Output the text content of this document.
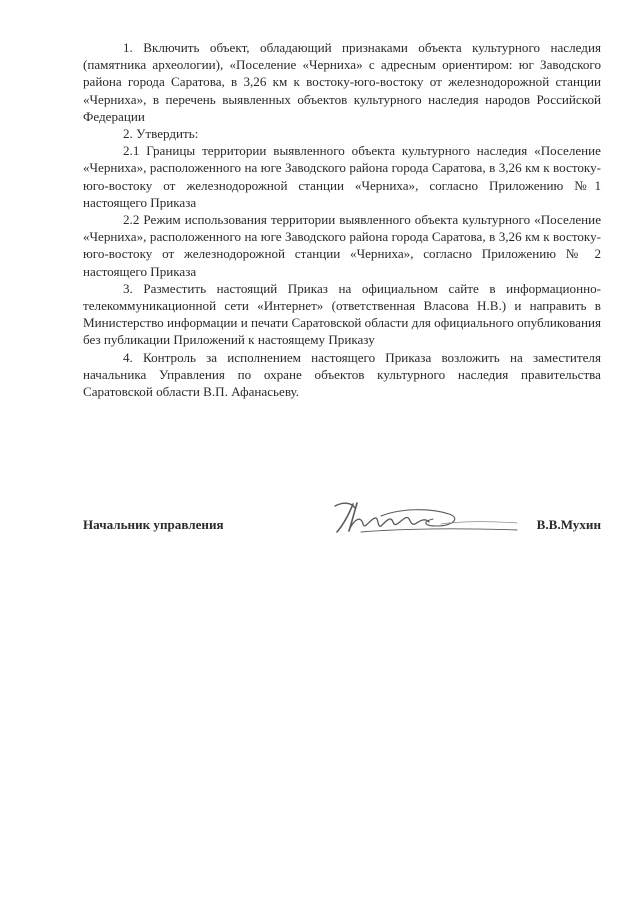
1. Включить объект, обладающий признаками объекта культурного наследия (памятника археологии), «Поселение «Черниха» с адресным ориентиром: юг Заводского района города Саратова, в 3,26 км к востоку-юго-востоку от железнодорожной станции «Черниха», в перечень выявленных объектов культурного наследия народов Российской Федерации

2. Утвердить:

2.1 Границы территории выявленного объекта культурного наследия «Поселение «Черниха», расположенного на юге Заводского района города Саратова, в 3,26 км к востоку-юго-востоку от железнодорожной станции «Черниха», согласно Приложению №1 настоящего Приказа

2.2 Режим использования территории выявленного объекта культурного «Поселение «Черниха», расположенного на юге Заводского района города Саратова, в 3,26 км к востоку-юго-востоку от железнодорожной станции «Черниха», согласно Приложению № 2 настоящего Приказа

3. Разместить настоящий Приказ на официальном сайте в информационно-телекоммуникационной сети «Интернет» (ответственная Власова Н.В.) и направить в Министерство информации и печати Саратовской области для официального опубликования без публикации Приложений к настоящему Приказу

4. Контроль за исполнением настоящего Приказа возложить на заместителя начальника Управления по охране объектов культурного наследия правительства Саратовской области В.П. Афанасьеву.

Начальник управления	В.В.Мухин
